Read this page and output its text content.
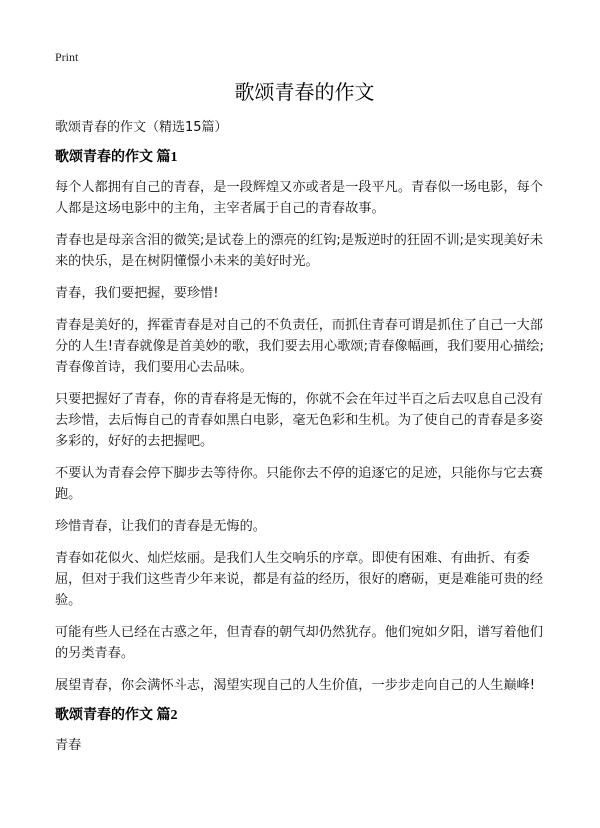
Print
歌颂青春的作文

歌颂青春的作文（精选15篇）

歌颂青春的作文 篇1

每个人都拥有自己的青春，是一段辉煌又亦或者是一段平凡。青春似一场电影，每个人都是这场电影中的主角，主宰者属于自己的青春故事。

青春也是母亲含泪的微笑;是试卷上的漂亮的红钩;是叛逆时的狂固不训;是实现美好未来的快乐，是在树阴懂憬小未来的美好时光。

青春，我们要把握，要珍惜!

青春是美好的，挥霍青春是对自己的不负责任，而抓住青春可谓是抓住了自己一大部分的人生!青春就像是首美妙的歌，我们要去用心歌颂;青春像幅画，我们要用心描绘;青春像首诗，我们要用心去品味。

只要把握好了青春，你的青春将是无悔的，你就不会在年过半百之后去叹息自己没有去珍惜，去后悔自己的青春如黑白电影，毫无色彩和生机。为了使自己的青春是多姿多彩的，好好的去把握吧。

不要认为青春会停下脚步去等待你。只能你去不停的追逐它的足迹，只能你与它去赛跑。

珍惜青春，让我们的青春是无悔的。

青春如花似火、灿烂炫丽。是我们人生交响乐的序章。即使有困难、有曲折、有委屈，但对于我们这些青少年来说，都是有益的经历，很好的磨砺，更是难能可贵的经验。

可能有些人已经在古惑之年，但青春的朝气却仍然犹存。他们宛如夕阳，谱写着他们的另类青春。

展望青春，你会满怀斗志，渴望实现自己的人生价值，一步步走向自己的人生巅峰!

歌颂青春的作文 篇2

青春
